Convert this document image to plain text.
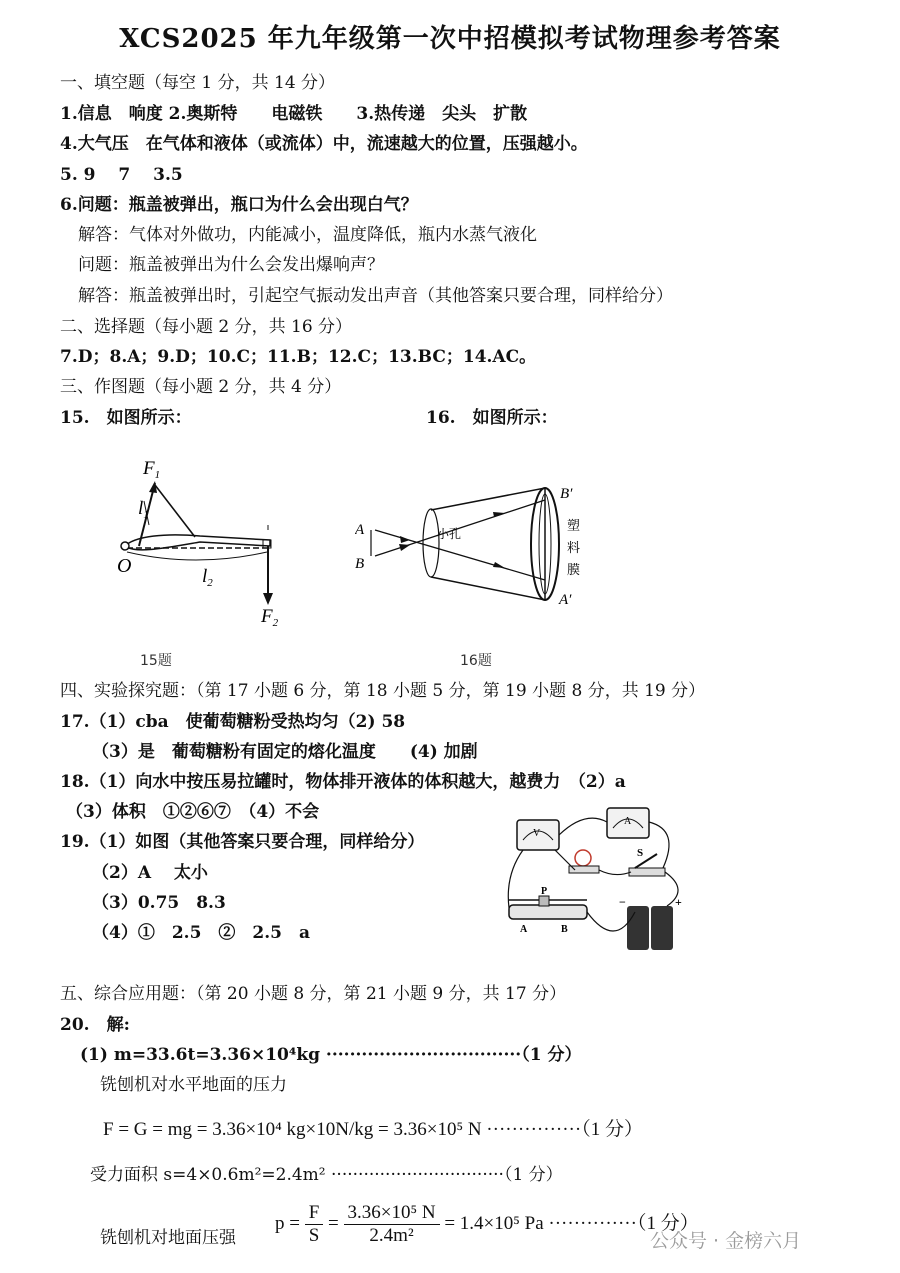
XCS2025 年九年级第一次中招模拟考试物理参考答案
一、填空题（每空 1 分，共 14 分）
1.信息　响度 2.奥斯特　　电磁铁　　3.热传递　尖头　扩散
4.大气压　在气体和液体（或流体）中，流速越大的位置，压强越小。
5. 9　 7　 3.5
6.问题：瓶盖被弹出，瓶口为什么会出现白气？
解答：气体对外做功，内能减小，温度降低，瓶内水蒸气液化
问题：瓶盖被弹出为什么会发出爆响声？
解答：瓶盖被弹出时，引起空气振动发出声音（其他答案只要合理，同样给分）
二、选择题（每小题 2 分，共 16 分）
7.D；8.A；9.D；10.C；11.B；12.C；13.BC；14.AC。
三、作图题（每小题 2 分，共 4 分）
15.　如图所示：	16.　如图所示：
$F_1$
$l_1$
O	$l_2$
$F_2$
15题
A
B
小孔
B′
A′
塑
料
膜
16题
四、实验探究题：（第 17 小题 6 分，第 18 小题 5 分，第 19 小题 8 分，共 19 分）
17.（1）cba　使葡萄糖粉受热均匀（2) 58
（3）是　葡萄糖粉有固定的熔化温度　　(4) 加剧
18.（1）向水中按压易拉罐时，物体排开液体的体积越大，越费力　（2）a
（3）体积　①②⑥⑦　（4）不会
19.（1）如图（其他答案只要合理，同样给分）
（2）A　 太小
（3）0.75　8.3
（4）①　2.5　②　2.5　a
V
A
S
P
A	B
−	+
五、综合应用题：（第 20 小题 8 分，第 21 小题 9 分，共 17 分）
20.　解:
(1) m=33.6t=3.36×10⁴kg ·································（1 分）
铣刨机对水平地面的压力
F = G = mg = 3.36×10⁴ kg×10N/kg = 3.36×10⁵ N ···············（1 分）
受力面积 s=4×0.6m²=2.4m² ································（1 分）
铣刨机对地面压强
$p = \frac{F}{S} = \frac{\text{3.36×10⁵ N}}{\text{2.4m²}} = 1.4\times 10^5$ Pa ··············（1 分）
公众号 · 金榜六月
